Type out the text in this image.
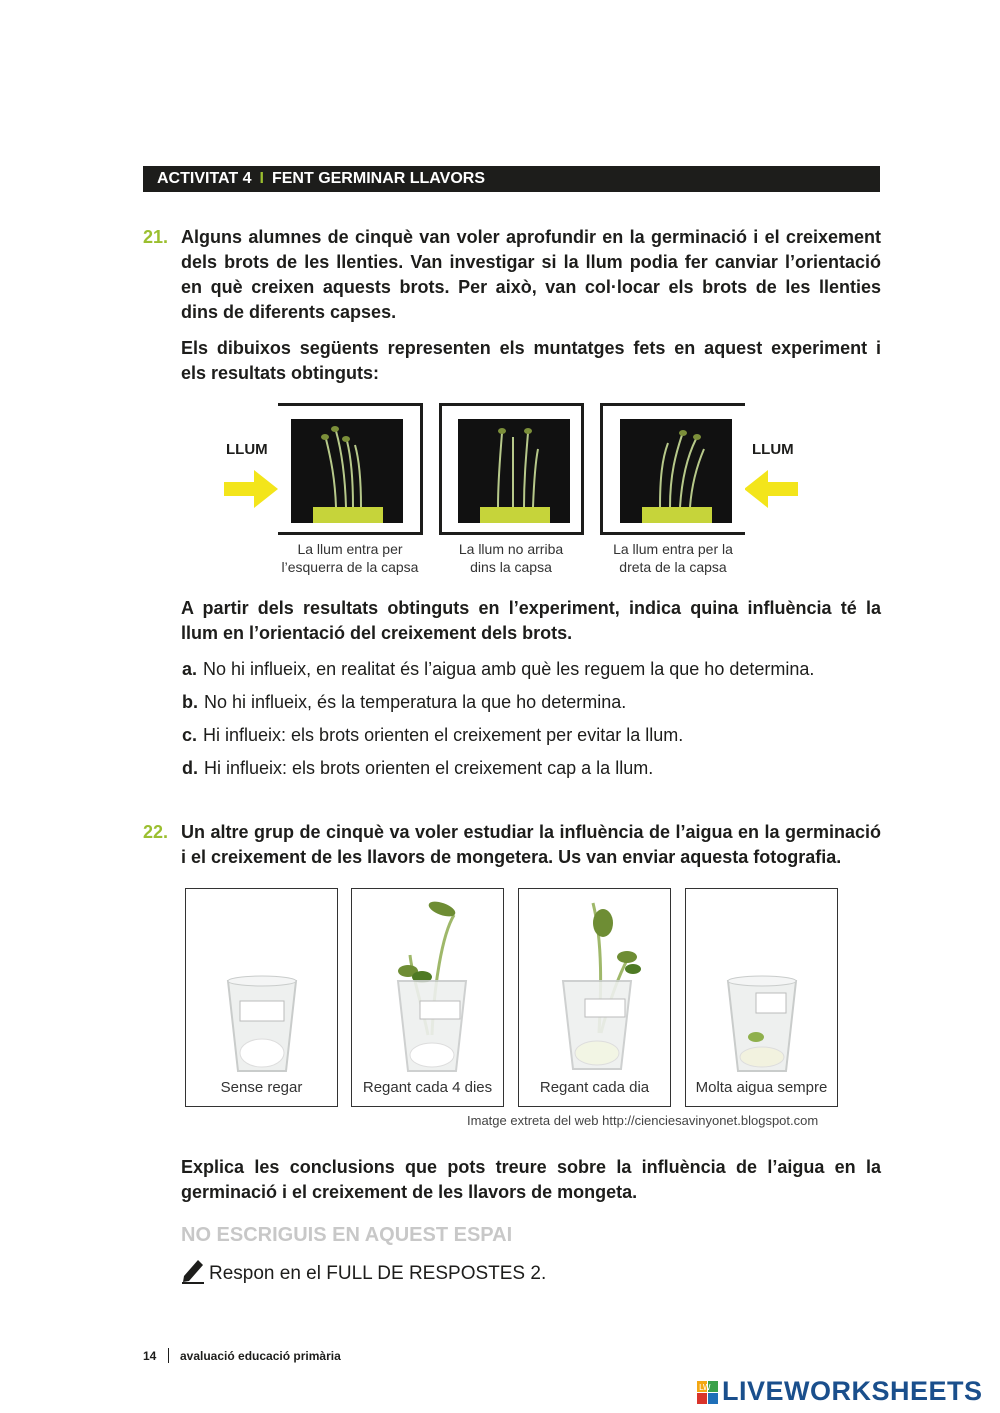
ACTIVITAT 4 I FENT GERMINAR LLAVORS
21. Alguns alumnes de cinquè van voler aprofundir en la germinació i el creixement
dels brots de les llenties. Van investigar si la llum podia fer canviar l’orientació
en què creixen aquests brots. Per això, van col·locar els brots de les llenties
dins de diferents capses.
Els dibuixos següents representen els muntatges fets en aquest experiment i
els resultats obtinguts:
LLUM	LLUM
La llum entra per
l’esquerra de la capsa
La llum no arriba
dins la capsa
La llum entra per la
dreta de la capsa
A partir dels resultats obtinguts en l’experiment, indica quina influència té la
llum en l’orientació del creixement dels brots.
a. No hi influeix, en realitat és l’aigua amb què les reguem la que ho determina.
b. No hi influeix, és la temperatura la que ho determina.
c. Hi influeix: els brots orienten el creixement per evitar la llum.
d. Hi influeix: els brots orienten el creixement cap a la llum.
22. Un altre grup de cinquè va voler estudiar la influència de l’aigua en la germinació
i el creixement de les llavors de mongetera. Us van enviar aquesta fotografia.
Sense regar	Regant cada 4 dies	Regant cada dia	Molta aigua sempre
Imatge extreta del web http://ciencies​avinyonet.blogspot.com
Explica les conclusions que pots treure sobre la influència de l’aigua en la
germinació i el creixement de les llavors de mongeta.
NO ESCRIGUIS EN AQUEST ESPAI
Respon en el FULL DE RESPOSTES 2.
14 avaluació educació primària
LW LIVEWORKSHEETS
